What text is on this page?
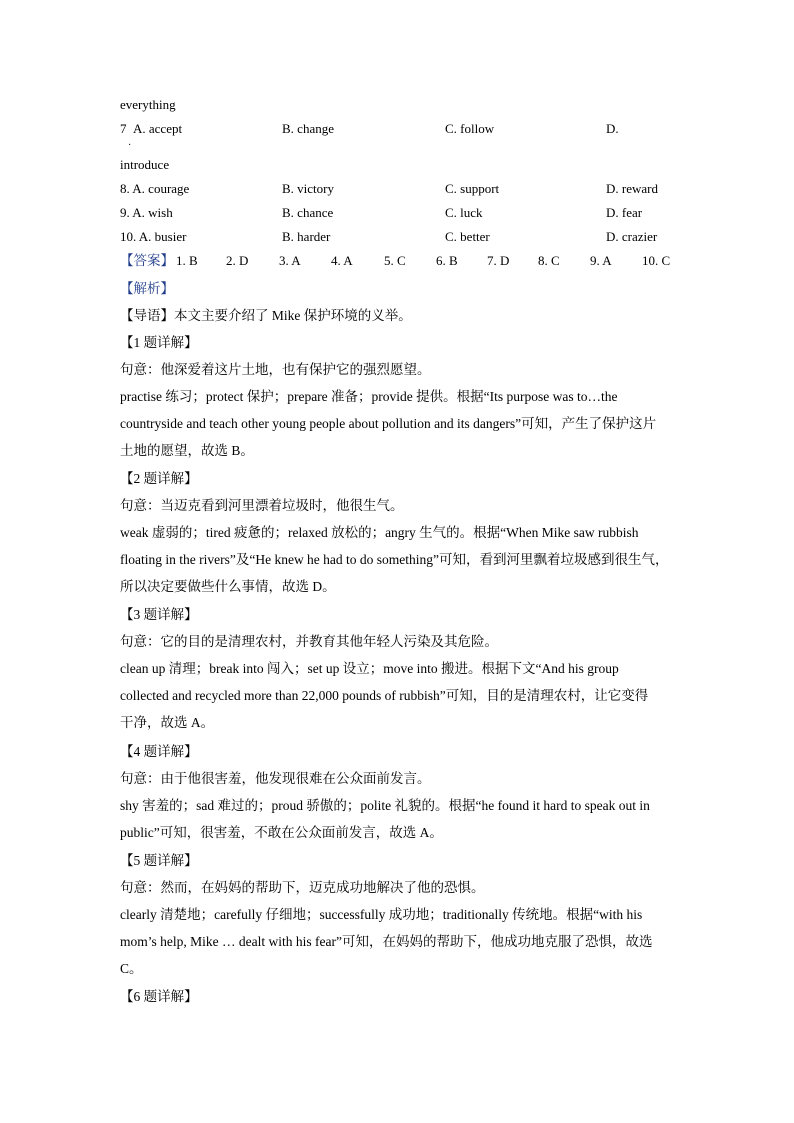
everything
7 A. accept	B. change	C. follow	D.
·
introduce
8. A. courage	B. victory	C. support	D. reward
9. A. wish	B. chance	C. luck	D. fear
10. A. busier	B. harder	C. better	D. crazier
【答案】 1. B 2. D 3. A 4. A 5. C 6. B 7. D 8. C 9. A 10. C
【解析】
【导语】本文主要介绍了 Mike 保护环境的义举。
【1 题详解】
句意：他深爱着这片土地，也有保护它的强烈愿望。
practise 练习；protect 保护；prepare 准备；provide 提供。根据“Its purpose was to…the
countryside and teach other young people about pollution and its dangers”可知，产生了保护这片
土地的愿望，故选 B。
【2 题详解】
句意：当迈克看到河里漂着垃圾时，他很生气。
weak 虚弱的；tired 疲惫的；relaxed 放松的；angry 生气的。根据“When Mike saw rubbish
floating in the rivers”及“He knew he had to do something”可知，看到河里飘着垃圾感到很生气，
所以决定要做些什么事情，故选 D。
【3 题详解】
句意：它的目的是清理农村，并教育其他年轻人污染及其危险。
clean up 清理；break into 闯入；set up 设立；move into 搬进。根据下文“And his group
collected and recycled more than 22,000 pounds of rubbish”可知，目的是清理农村，让它变得
干净，故选 A。
【4 题详解】
句意：由于他很害羞，他发现很难在公众面前发言。
shy 害羞的；sad 难过的；proud 骄傲的；polite 礼貌的。根据“he found it hard to speak out in
public”可知，很害羞，不敢在公众面前发言，故选 A。
【5 题详解】
句意：然而，在妈妈的帮助下，迈克成功地解决了他的恐惧。
clearly 清楚地；carefully 仔细地；successfully 成功地；traditionally 传统地。根据“with his
mom’s help, Mike … dealt with his fear”可知，在妈妈的帮助下，他成功地克服了恐惧，故选
C。
【6 题详解】
